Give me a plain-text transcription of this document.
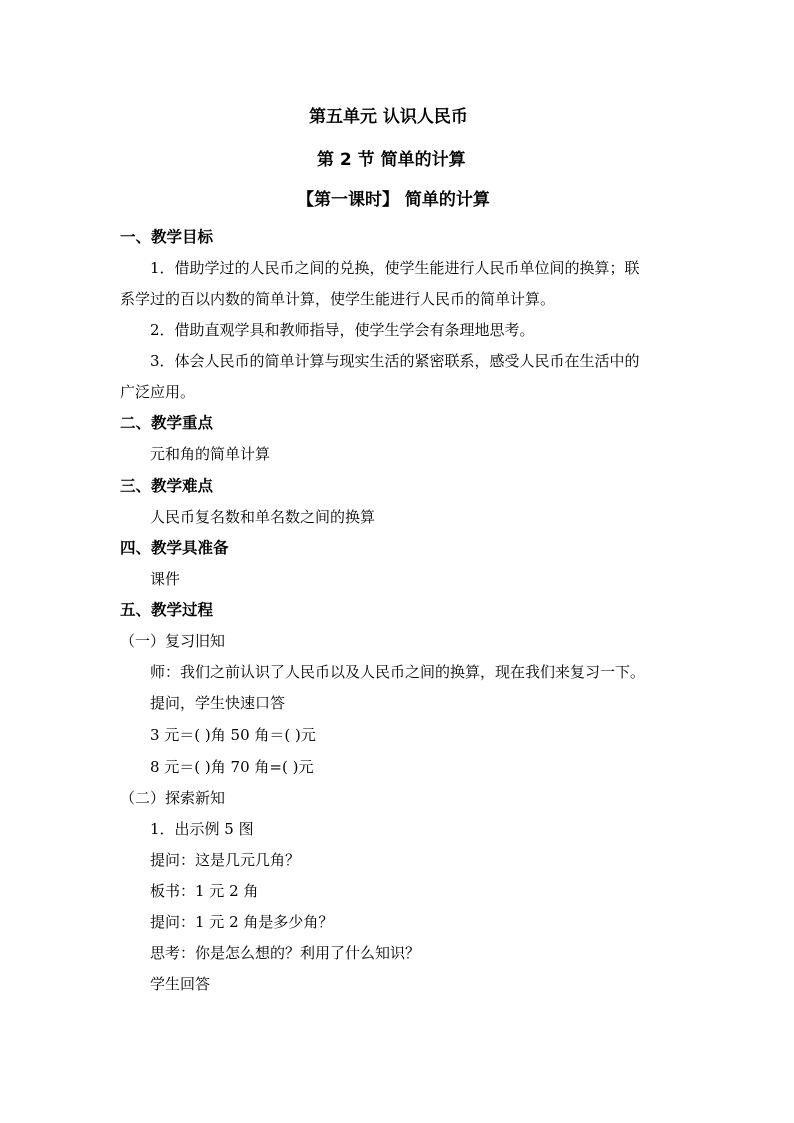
第五单元 认识人民币
第 2 节 简单的计算
【第一课时】 简单的计算
一、教学目标
1．借助学过的人民币之间的兑换，使学生能进行人民币单位间的换算；联
系学过的百以内数的简单计算，使学生能进行人民币的简单计算。
2．借助直观学具和教师指导，使学生学会有条理地思考。
3．体会人民币的简单计算与现实生活的紧密联系，感受人民币在生活中的
广泛应用。
二、教学重点
元和角的简单计算
三、教学难点
人民币复名数和单名数之间的换算
四、教学具准备
课件
五、教学过程
（一）复习旧知
师：我们之前认识了人民币以及人民币之间的换算，现在我们来复习一下。
提问，学生快速口答
3 元＝( )角 50 角＝( )元
8 元＝( )角 70 角=( )元
（二）探索新知
1．出示例 5 图
提问：这是几元几角？
板书：1 元 2 角
提问：1 元 2 角是多少角？
思考：你是怎么想的？利用了什么知识？
学生回答
